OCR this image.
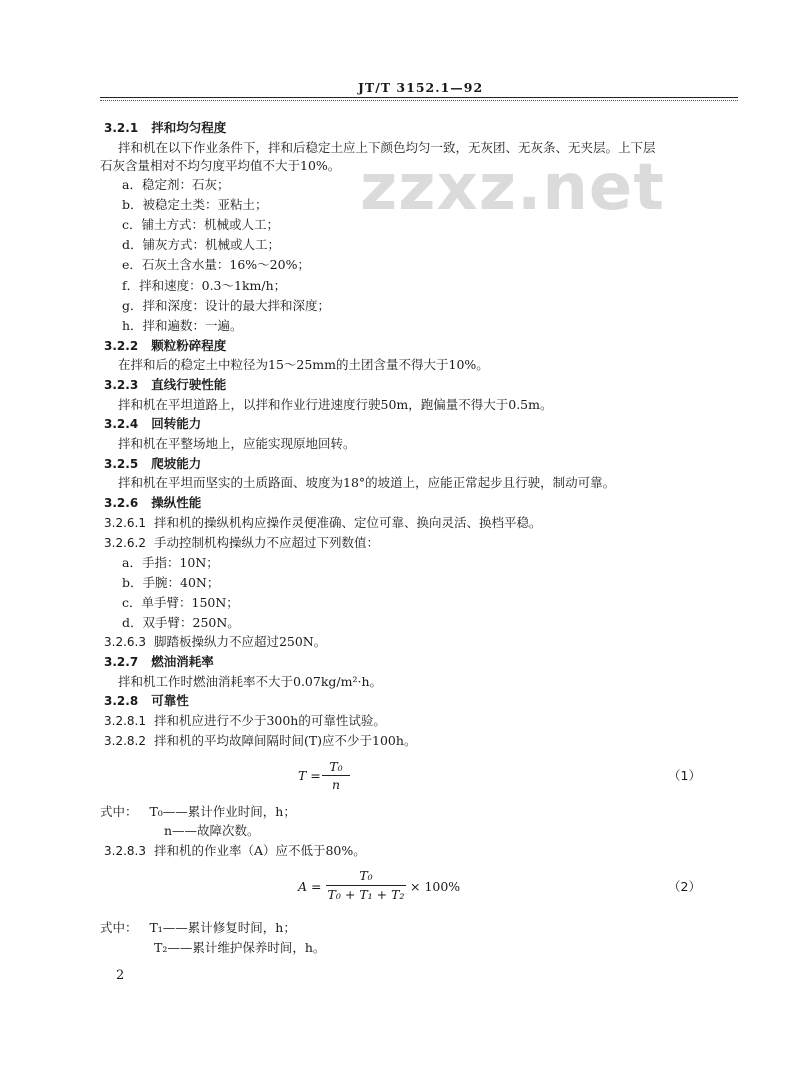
JT/T 3152.1—92
zzxz.net
3.2.1 拌和均匀程度
拌和机在以下作业条件下，拌和后稳定土应上下颜色均匀一致，无灰团、无灰条、无夹层。上下层
石灰含量相对不均匀度平均值不大于10%。
a．稳定剂：石灰；
b．被稳定土类：亚粘土；
c．铺土方式：机械或人工；
d．铺灰方式：机械或人工；
e．石灰土含水量：16%～20%；
f．拌和速度：0.3～1km/h；
g．拌和深度：设计的最大拌和深度；
h．拌和遍数：一遍。
3.2.2 颗粒粉碎程度
在拌和后的稳定土中粒径为15～25mm的土团含量不得大于10%。
3.2.3 直线行驶性能
拌和机在平坦道路上，以拌和作业行进速度行驶50m，跑偏量不得大于0.5m。
3.2.4 回转能力
拌和机在平整场地上，应能实现原地回转。
3.2.5 爬坡能力
拌和机在平坦而坚实的土质路面、坡度为18°的坡道上，应能正常起步且行驶，制动可靠。
3.2.6 操纵性能
3.2.6.1 拌和机的操纵机构应操作灵便准确、定位可靠、换向灵活、换档平稳。
3.2.6.2 手动控制机构操纵力不应超过下列数值：
a．手指：10N；
b．手腕：40N；
c．单手臂：150N；
d．双手臂：250N。
3.2.6.3 脚踏板操纵力不应超过250N。
3.2.7 燃油消耗率
拌和机工作时燃油消耗率不大于0.07kg/m²·h。
3.2.8 可靠性
3.2.8.1 拌和机应进行不少于300h的可靠性试验。
3.2.8.2 拌和机的平均故障间隔时间(T)应不少于100h。
T =
T₀
n
（1）
式中： T₀——累计作业时间，h；
n——故障次数。
3.2.8.3 拌和机的作业率（A）应不低于80%。
A =
T₀
T₀ + T₁ + T₂
× 100%	（2）
式中： T₁——累计修复时间，h；
T₂——累计维护保养时间，h。
2
